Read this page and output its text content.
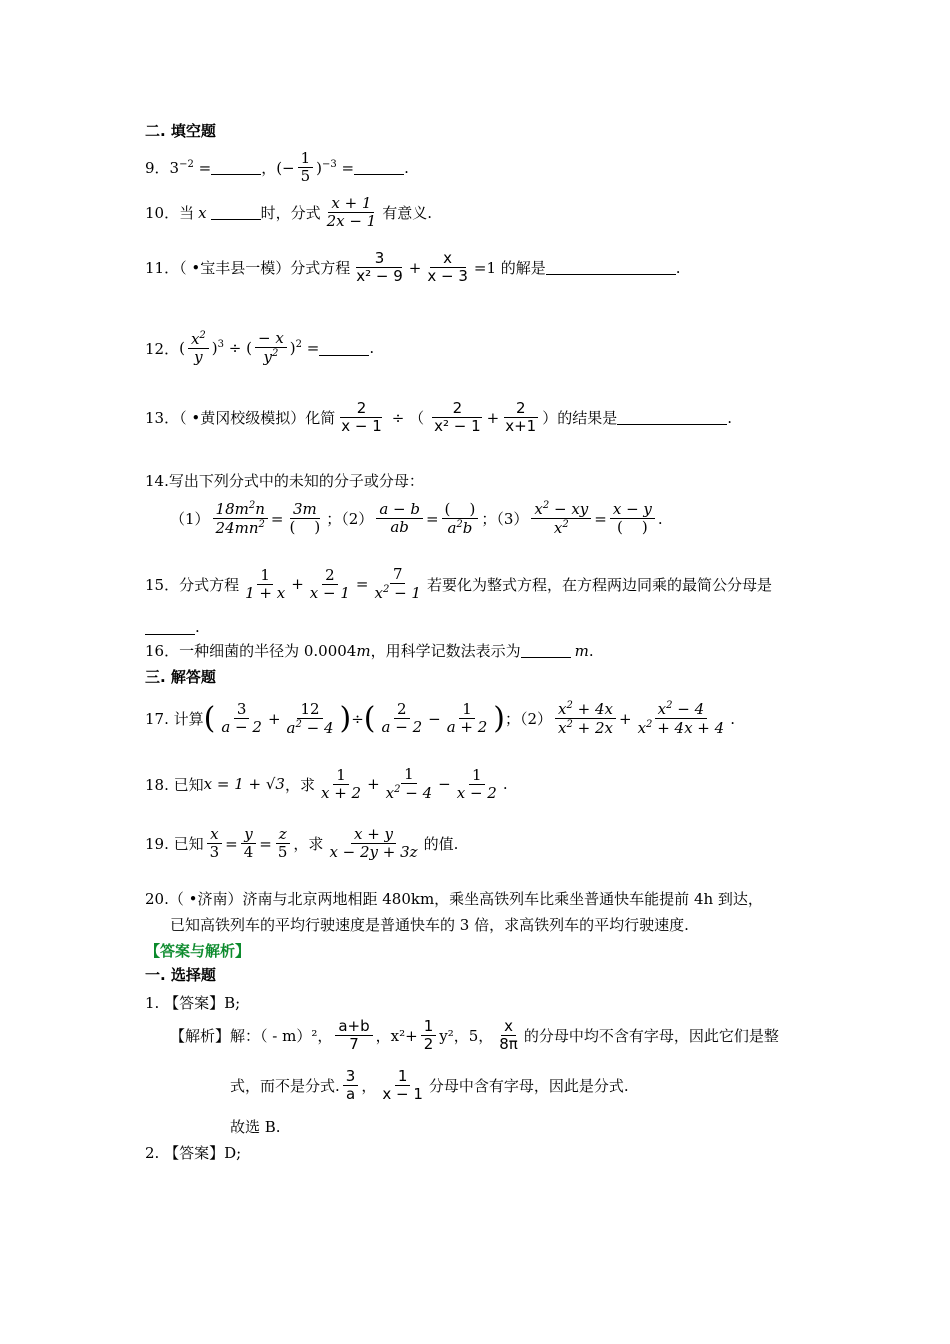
二. 填空题
9． $3^{-2}$ =	， (− $\frac{1}{5} )^{-3}$ =	.
10．当 x	时，分式 $\frac{x + 1}{2x - 1}$ 有意义.
11．（ •宝丰县一模）分式方程 $\frac{3}{\text{x² − 9}} + \frac{x}{x - 3} =1$ 的解是	.
12． ( $\frac{x^2}{y} )^3$ ÷ ( $\frac{- x}{y^2} )^2$ =	.
13．（ •黄冈校级模拟）化简 $\frac{2}{x - 1}$ ÷ （ $\frac{2}{\text{x² − 1}} + \frac{2}{x+1}$ ）的结果是	.
14.写出下列分式中的未知的分子或分母：
$(1) \frac{18m^2n}{24mn^2} = \frac{3m}{( )}$ ；$(2) \frac{a - b}{ab} = \frac{( )}{a^2b}$ ；$(3) \frac{x^2 - xy}{x^2} = \frac{x - y}{( )}$ .
15．分式方程 $\frac{1}{1 + x} + \frac{2}{x - 1} = \frac{7}{x^2 - 1}$ 若要化为整式方程，在方程两边同乘的最简公分母是
.
16．一种细菌的半径为 0.0004 m ，用科学记数法表示为	m .
三. 解答题
17. 计算 ( $\frac{3}{a - 2} + \frac{12}{a^2 - 4}$ ) ÷ ( $\frac{2}{a - 2} - \frac{1}{a + 2}$ ) ；$(2) \frac{x^2 + 4x}{x^2 + 2x} + \frac{x^2 - 4}{x^2 + 4x + 4}$ .
18. 已知 x = 1 + √3 ，求 $\frac{1}{x + 2} + \frac{1}{x^2 - 4} - \frac{1}{x - 2}$ .
19. 已知 $\frac{x}{3} = \frac{y}{4} = \frac{z}{5}$ ，求 $\frac{x + y}{x - 2y + 3z}$ 的值.
20.（ •济南）济南与北京两地相距 480km，乘坐高铁列车比乘坐普通快车能提前 4h 到达，
已知高铁列车的平均行驶速度是普通快车的 3 倍，求高铁列车的平均行驶速度.
【答案与解析】
一. 选择题
1. 【答案】B;
【解析】解：（ - m）²， $\frac{a+b}{7}$ ，$x^2+ \frac{1}{2} y^2$，5， $\frac{x}{8\pi}$ 的分母中均不含有字母，因此它们是整
式，而不是分式. $\frac{3}{a}$ ， $\frac{1}{x - 1}$ 分母中含有字母，因此是分式.
故选 B.
2. 【答案】D;
